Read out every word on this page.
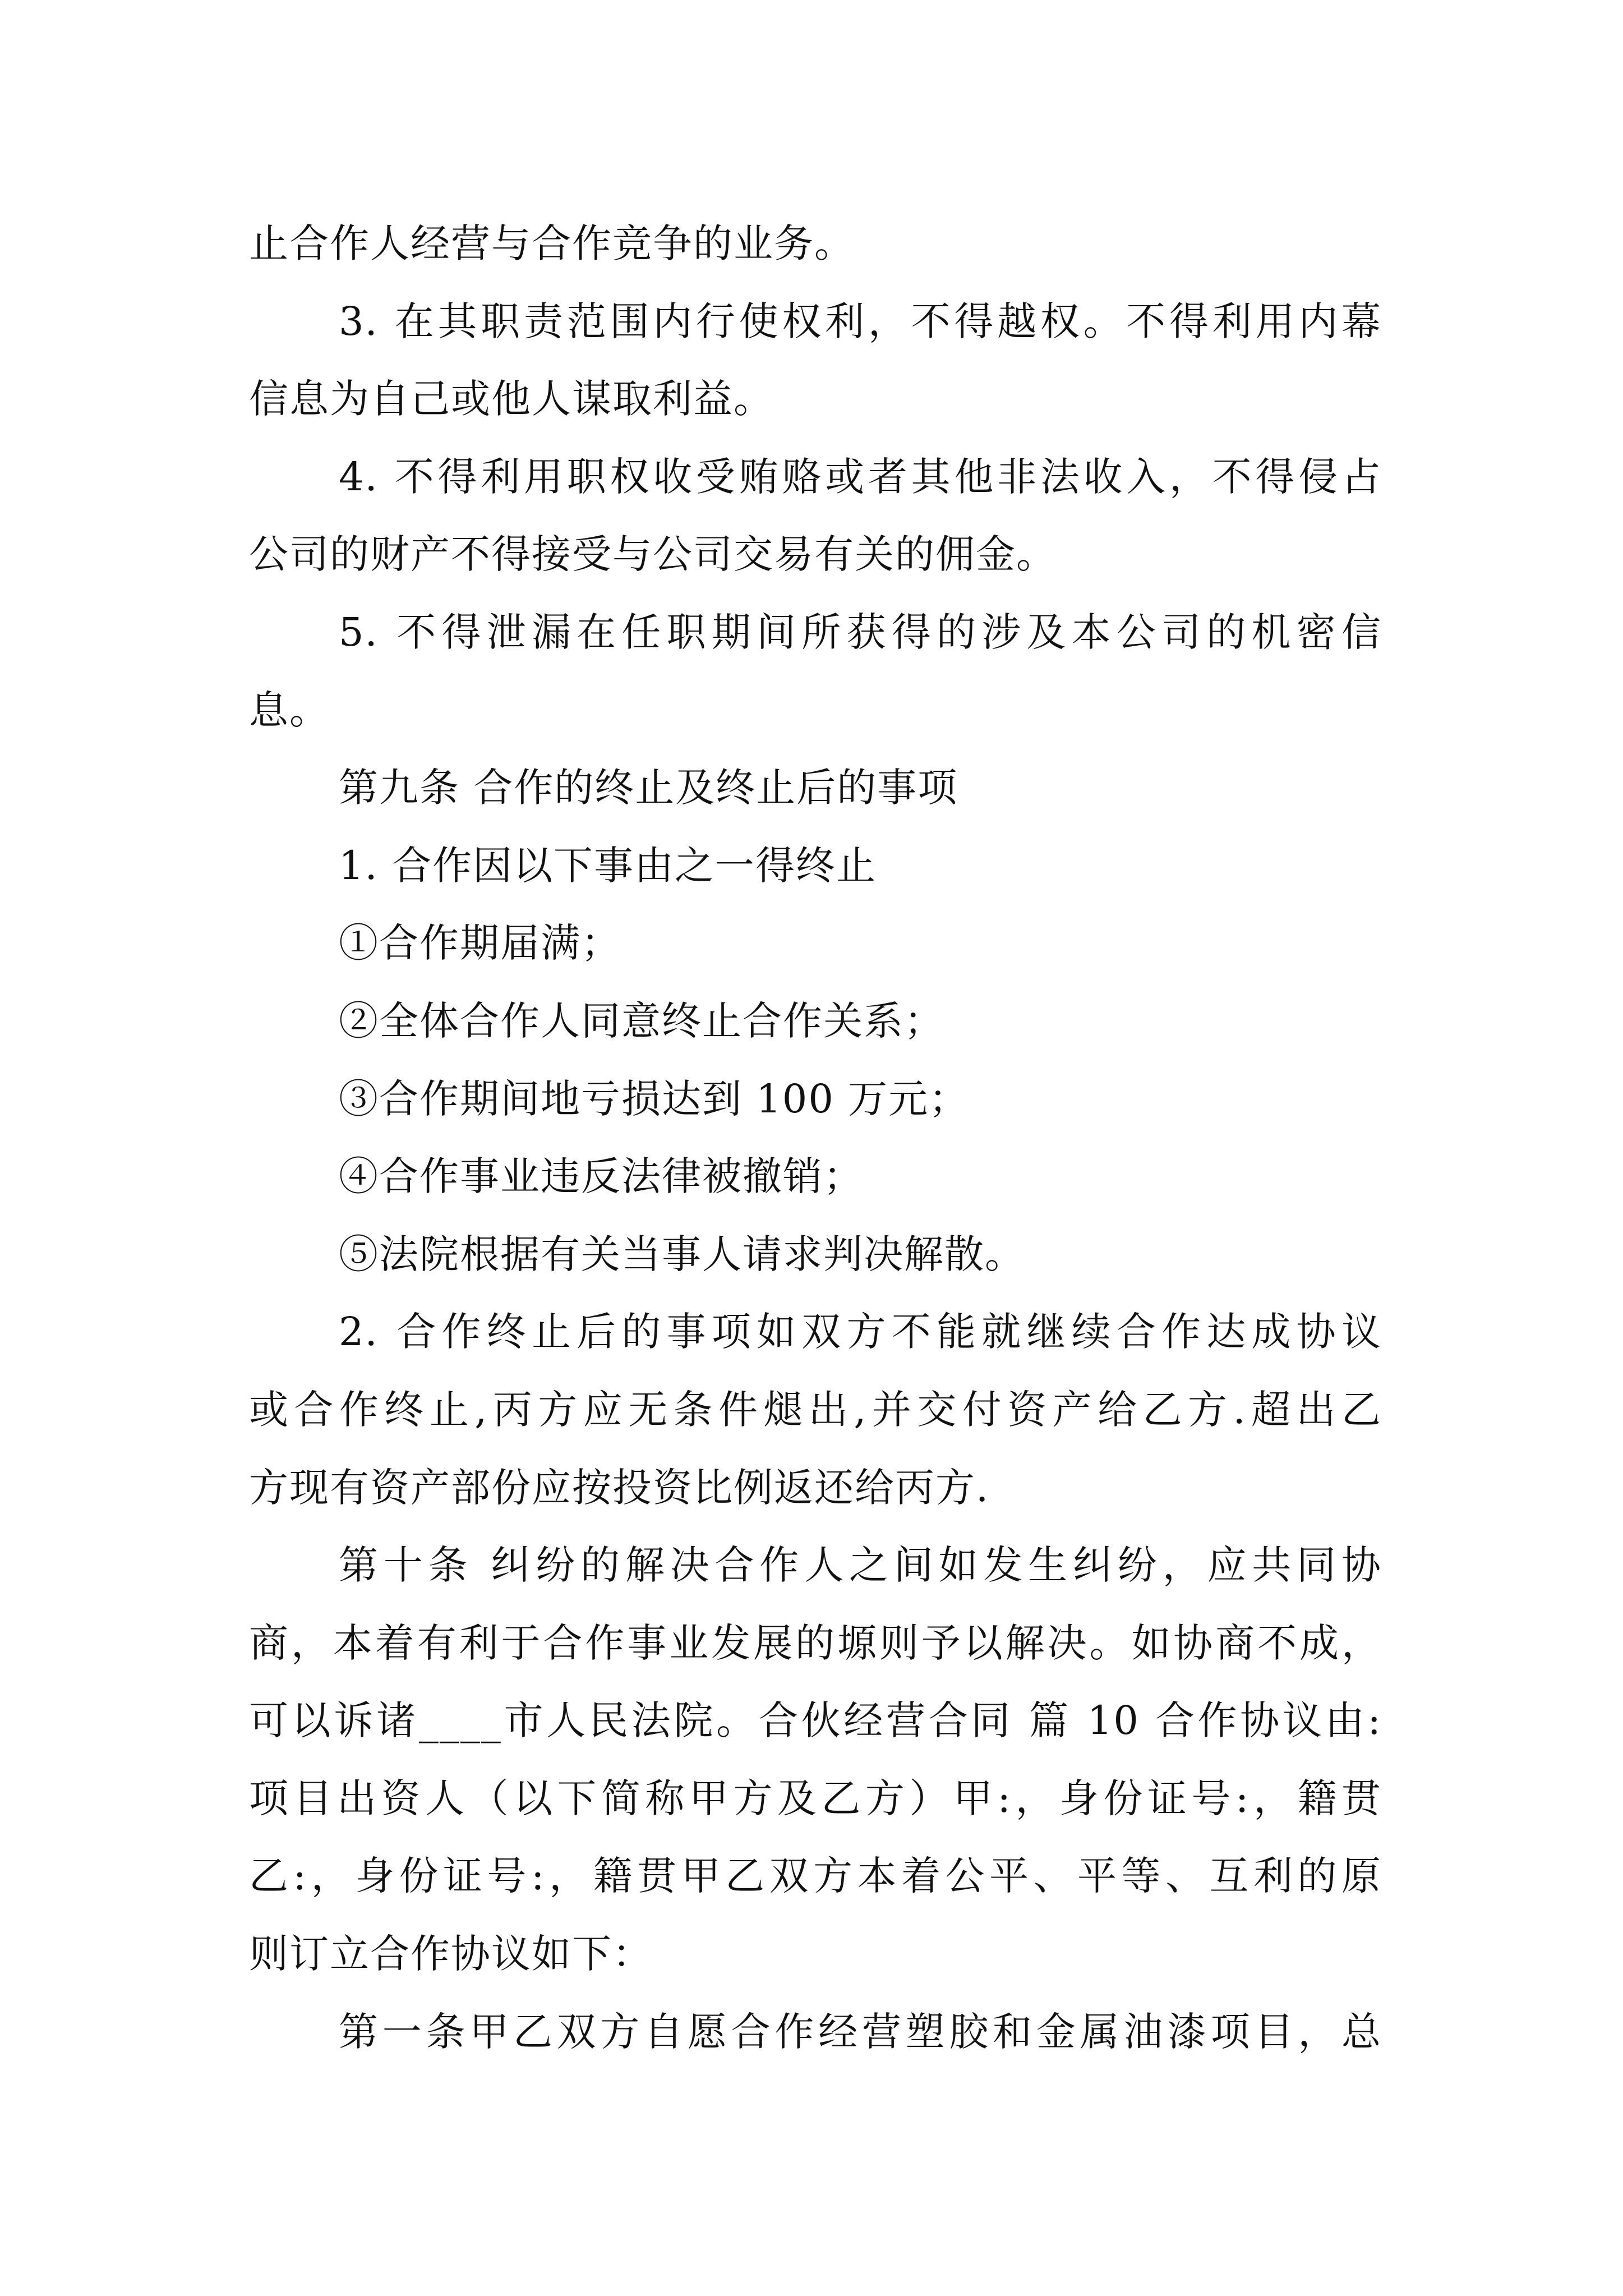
止合作人经营与合作竞争的业务。
3. 在其职责范围内行使权利，不得越权。不得利用内幕
信息为自己或他人谋取利益。
4. 不得利用职权收受贿赂或者其他非法收入，不得侵占
公司的财产不得接受与公司交易有关的佣金。
5. 不得泄漏在任职期间所获得的涉及本公司的机密信
息。
第九条 合作的终止及终止后的事项
1. 合作因以下事由之一得终止
①合作期届满；
②全体合作人同意终止合作关系；
③合作期间地亏损达到 100 万元；
④合作事业违反法律被撤销；
⑤法院根据有关当事人请求判决解散。
2. 合作终止后的事项如双方不能就继续合作达成协议
或合作终止,丙方应无条件煺出,并交付资产给乙方.超出乙
方现有资产部份应按投资比例返还给丙方.
第十条 纠纷的解决合作人之间如发生纠纷，应共同协
商，本着有利于合作事业发展的塬则予以解决。如协商不成，
可以诉诸____市人民法院。合伙经营合同 篇 10 合作协议由:
项目出资人（以下简称甲方及乙方）甲:，身份证号:，籍贯
乙:，身份证号:，籍贯甲乙双方本着公平、平等、互利的原
则订立合作协议如下：
第一条甲乙双方自愿合作经营塑胶和金属油漆项目，总
